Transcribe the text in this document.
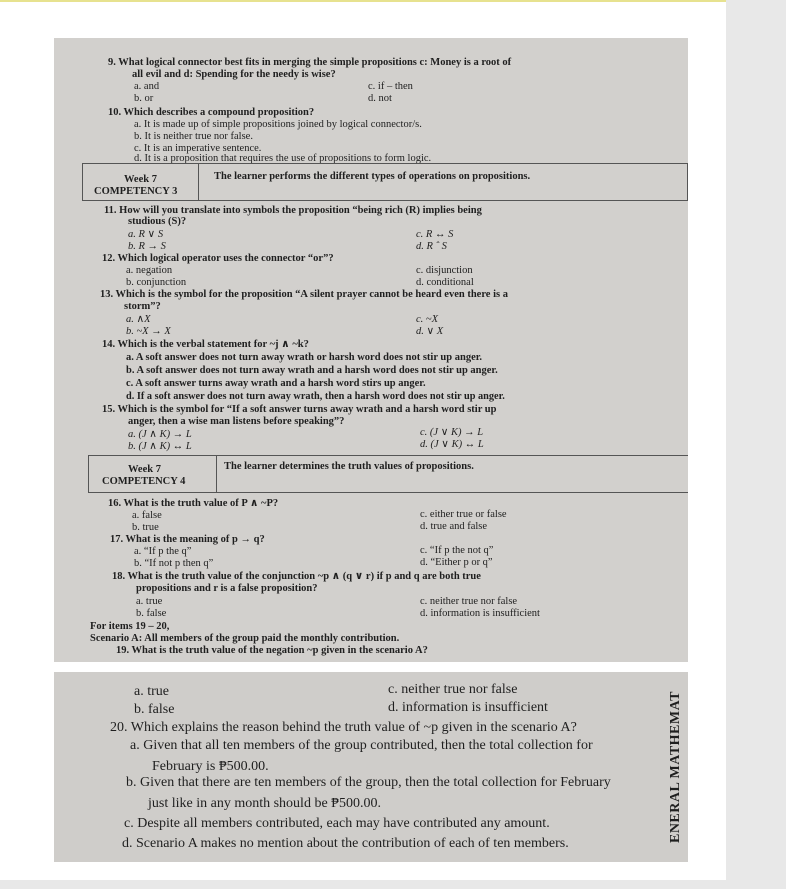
9. What logical connector best fits in merging the simple propositions c: Money is a root of
all evil and d: Spending for the needy is wise?
a. and	c. if – then
b. or	d. not
10. Which describes a compound proposition?
a. It is made up of simple propositions joined by logical connector/s.
b. It is neither true nor false.
c. It is an imperative sentence.
d. It is a proposition that requires the use of propositions to form logic.
Week 7
COMPETENCY 3
The learner performs the different types of operations on propositions.
11. How will you translate into symbols the proposition “being rich (R) implies being
studious (S)?
a. R ∨ S	c. R ↔ S
b. R → S	d. R ˆ S
12. Which logical operator uses the connector “or”?
a. negation	c. disjunction
b. conjunction	d. conditional
13. Which is the symbol for the proposition “A silent prayer cannot be heard even there is a
storm”?
a. ∧X	c. ~X
b. ~X → X	d. ∨ X
14. Which is the verbal statement for ~j ∧ ~k?
a. A soft answer does not turn away wrath or harsh word does not stir up anger.
b. A soft answer does not turn away wrath and a harsh word does not stir up anger.
c. A soft answer turns away wrath and a harsh word stirs up anger.
d. If a soft answer does not turn away wrath, then a harsh word does not stir up anger.
15. Which is the symbol for “If a soft answer turns away wrath and a harsh word stir up
anger, then a wise man listens before speaking”?
a. (J ∧ K) → L	c. (J ∨ K) → L
b. (J ∧ K) ↔ L	d. (J ∨ K) ↔ L
Week 7
COMPETENCY 4
The learner determines the truth values of propositions.
16. What is the truth value of P ∧ ~P?
a. false	c. either true or false
b. true	d. true and false
17. What is the meaning of p → q?
a. “If p the q”	c. “If p the not q”
b. “If not p then q”	d. “Either p or q”
18. What is the truth value of the conjunction ~p ∧ (q ∨ r) if p and q are both true
propositions and r is a false proposition?
a. true	c. neither true nor false
b. false	d. information is insufficient
For items 19 – 20,
Scenario A: All members of the group paid the monthly contribution.
19. What is the truth value of the negation ~p given in the scenario A?
a. true	c. neither true nor false
b. false	d. information is insufficient
20. Which explains the reason behind the truth value of ~p given in the scenario A?
a. Given that all ten members of the group contributed, then the total collection for
February is ₱500.00.
b. Given that there are ten members of the group, then the total collection for February
just like in any month should be ₱500.00.
c. Despite all members contributed, each may have contributed any amount.
d. Scenario A makes no mention about the contribution of each of ten members.
ENERAL MATHEMAT
